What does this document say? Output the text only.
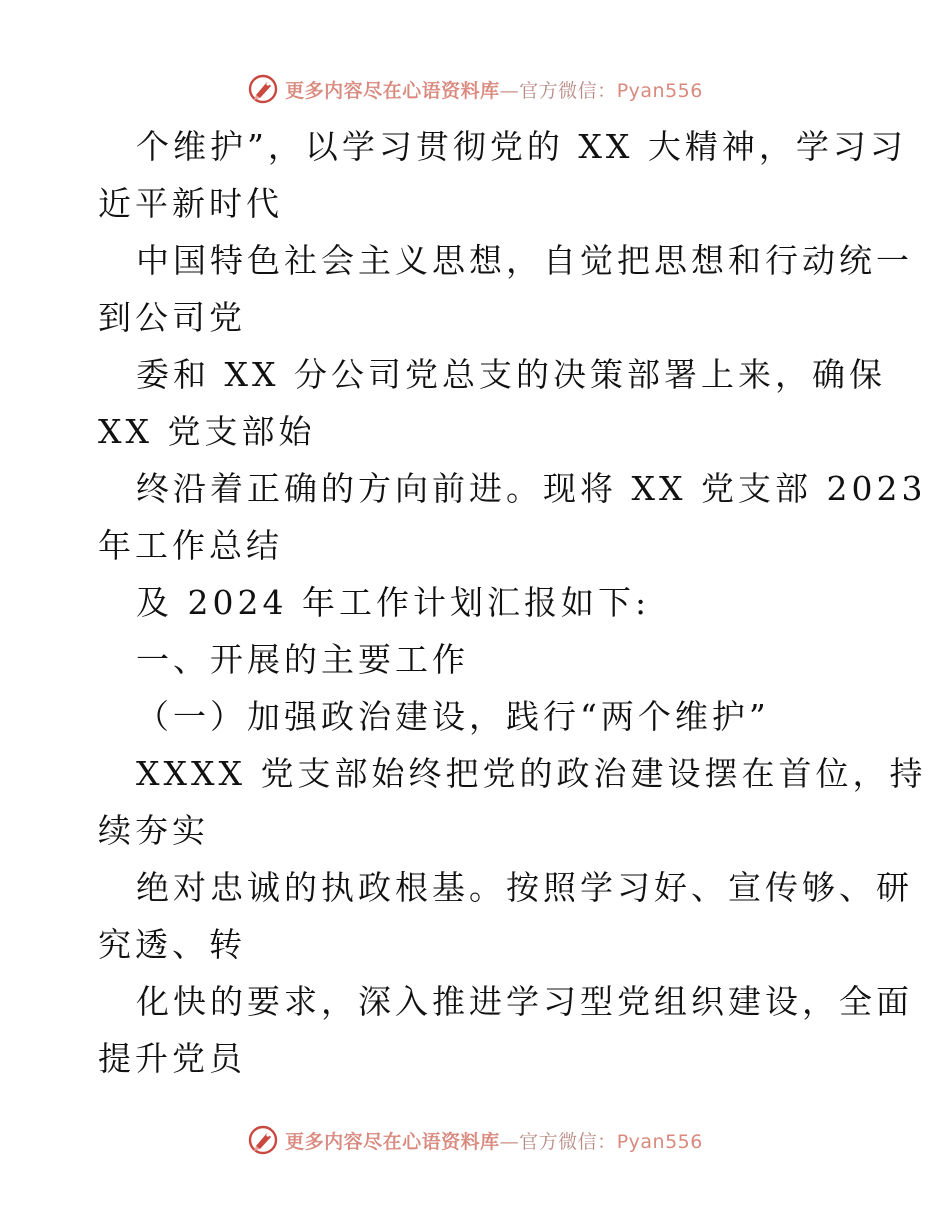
更多内容尽在心语资料库—官方微信：Pyan556
个维护”，以学习贯彻党的 XX 大精神，学习习
近平新时代
中国特色社会主义思想，自觉把思想和行动统一
到公司党
委和 XX 分公司党总支的决策部署上来，确保
XX 党支部始
终沿着正确的方向前进。现将 XX 党支部 2023
年工作总结
及 2024 年工作计划汇报如下:
一、开展的主要工作
（一）加强政治建设，践行“两个维护”
XXXX 党支部始终把党的政治建设摆在首位，持
续夯实
绝对忠诚的执政根基。按照学习好、宣传够、研
究透、转
化快的要求，深入推进学习型党组织建设，全面
提升党员
更多内容尽在心语资料库—官方微信：Pyan556
